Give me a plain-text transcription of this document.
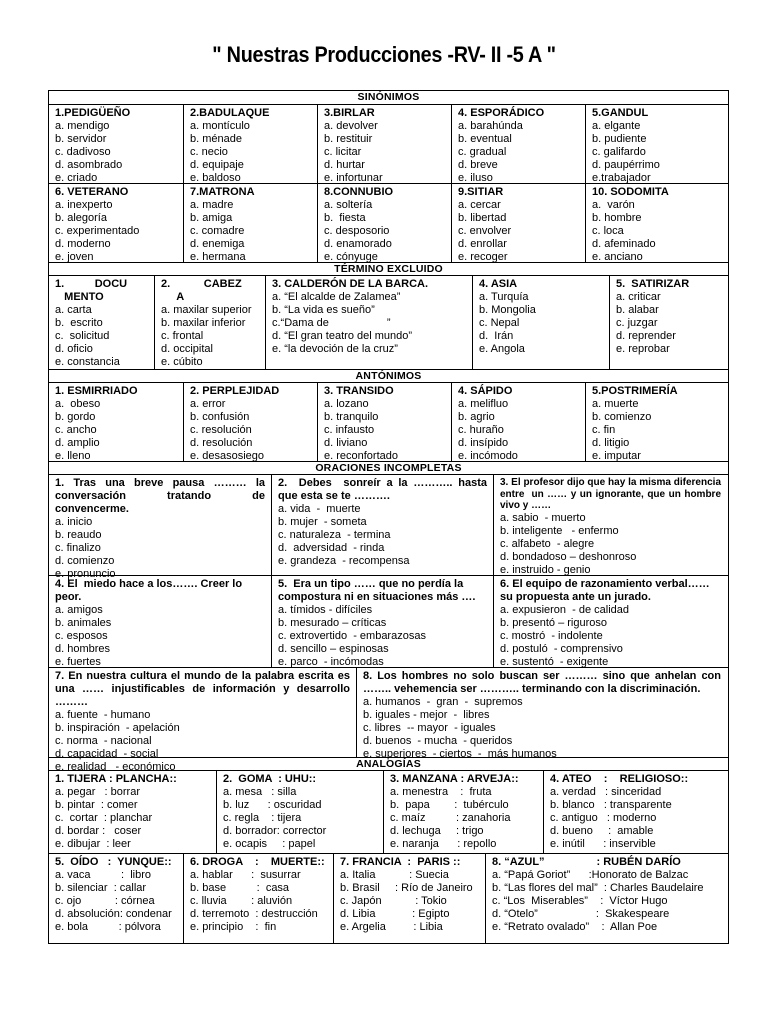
" Nuestras Producciones -RV- II -5 A "
SINÓNIMOS
1.PEDIGÜEÑO
a. mendigo
b. servidor
c. dadivoso
d. asombrado
e. criado
2.BADULAQUE
a. montículo
b. ménade
c. necio
d. equipaje
e. baldoso
3.BIRLAR
a. devolver
b. restituir
c. licitar
d. hurtar
e. infortunar
4. ESPORÁDICO
a. barahúnda
b. eventual
c. gradual
d. breve
e. iluso
5.GANDUL
a. elgante
b. pudiente
c. galifardo
d. paupérrimo
e.trabajador
6. VETERANO
a. inexperto
b. alegoría
c. experimentado
d. moderno
e. joven
7.MATRONA
a. madre
b. amiga
c. comadre
d. enemiga
e. hermana
8.CONNUBIO
a. soltería
b.  fiesta
c. desposorio
d. enamorado
e. cónyuge
9.SITIAR
a. cercar
b. libertad
c. envolver
d. enrollar
e. recoger
10. SODOMITA
a.  varón
b. hombre
c. loca
d. afeminado
e. anciano
TÉRMINO EXCLUIDO
1.          DOCU
MENTO
a. carta
b.  escrito
c.  solicitud
d. oficio
e. constancia
2.           CABEZ
A
a. maxilar superior
b. maxilar inferior
c. frontal
d. occipital
e. cúbito
3. CALDERÓN DE LA BARCA.
a. “El alcalde de Zalamea”
b. “La vida es sueño”
c.“Dama de                   ”
d. “El gran teatro del mundo”
e. “la devoción de la cruz”
4. ASIA
a. Turquía
b. Mongolia
c. Nepal
d.  Irán
e. Angola
5.  SATIRIZAR
a. criticar
b. alabar
c. juzgar
d. reprender
e. reprobar
ANTÓNIMOS
1. ESMIRRIADO
a.  obeso
b. gordo
c. ancho
d. amplio
e. lleno
2. PERPLEJIDAD
a. error
b. confusión
c. resolución
d. resolución
e. desasosiego
3. TRANSIDO
a. lozano
b. tranquilo
c. infausto
d. liviano
e. reconfortado
4. SÁPIDO
a. melifluo
b. agrio
c. huraño
d. insípido
e. incómodo
5.POSTRIMERÍA
a. muerte
b. comienzo
c. fin
d. litigio
e. imputar
ORACIONES INCOMPLETAS
1. Tras una breve pausa ……… la conversación tratando de convencerme.
a. inicio
b. reaudo
c. finalizo
d. comienzo
e. pronuncio
2.  Debes  sonreír a la ……….. hasta que esta se te ……….
a. vida  -  muerte
b. mujer  - someta
c. naturaleza  - termina
d.  adversidad  - rinda
e. grandeza  - recompensa
3. El profesor dijo que hay la misma diferencia entre  un …… y un ignorante, que un hombre vivo y ……
a. sabio  - muerto
b. inteligente   - enfermo
c. alfabeto  - alegre
d. bondadoso – deshonroso
e. instruido - genio
4. El  miedo hace a los……. Creer lo peor.
a. amigos
b. animales
c. esposos
d. hombres
e. fuertes
5.  Era un tipo …… que no perdía la compostura ni en situaciones más ….
a. tímidos - difíciles
b. mesurado – críticas
c. extrovertido  - embarazosas
d. sencillo – espinosas
e. parco  - incómodas
6. El equipo de razonamiento verbal…… su propuesta ante un jurado.
a. expusieron  - de calidad
b. presentó – riguroso
c. mostró  - indolente
d. postuló  - comprensivo
e. sustentó  - exigente
7. En nuestra cultura el mundo de la palabra escrita es una …… injustificables de información y desarrollo ………
a. fuente  - humano
b. inspiración  - apelación
c. norma  - nacional
d. capacidad  - social
e. realidad   - económico
8. Los hombres no solo buscan ser ……… sino que anhelan con …….. vehemencia ser ……….. terminando con la discriminación.
a. humanos  -  gran  -  supremos
b. iguales - mejor  -  libres
c. libres  -- mayor  - iguales
d. buenos  - mucha  - queridos
e. superiores  - ciertos  -  más humanos
ANALOGÍAS
1. TIJERA : PLANCHA::
a. pegar   : borrar
b. pintar  : comer
c.  cortar  : planchar
d. bordar :   coser
e. dibujar  : leer
2.  GOMA  : UHU::
a. mesa   : silla
b. luz      : oscuridad
c. regla    : tijera
d. borrador: corrector
e. ocapis     : papel
3. MANZANA : ARVEJA::
a. menestra    :  fruta
b.  papa        :  tubérculo
c. maíz          : zanahoria
d. lechuga     : trigo
e. naranja      : repollo
4. ATEO    :    RELIGIOSO::
a. verdad   : sinceridad
b. blanco   : transparente
c. antiguo   : moderno
d. bueno     :  amable
e. inútil      : inservible
5.  OÍDO   :  YUNQUE::
a. vaca          :  libro
b. silenciar  : callar
c. ojo           : córnea
d. absolución: condenar
e. bola          : pólvora
6. DROGA    :    MUERTE::
a. hablar      :  susurrar
b. base          :  casa
c. lluvia        : aluvión
d. terremoto  : destrucción
e. principio    :  fin
7. FRANCIA  :  PARIS ::
a. Italia           : Suecia
b. Brasil     : Río de Janeiro
c. Japón           : Tokio
d. Libia            : Egipto
e. Argelia         : Libia
8. “AZUL”                 : RUBÉN DARÍO
a. “Papá Goriot”      :Honorato de Balzac
b. “Las flores del mal”  : Charles Baudelaire
c. “Los  Miserables”    :  Víctor Hugo
d. “Otelo”                   :  Skakespeare
e. “Retrato ovalado”    :  Allan Poe
